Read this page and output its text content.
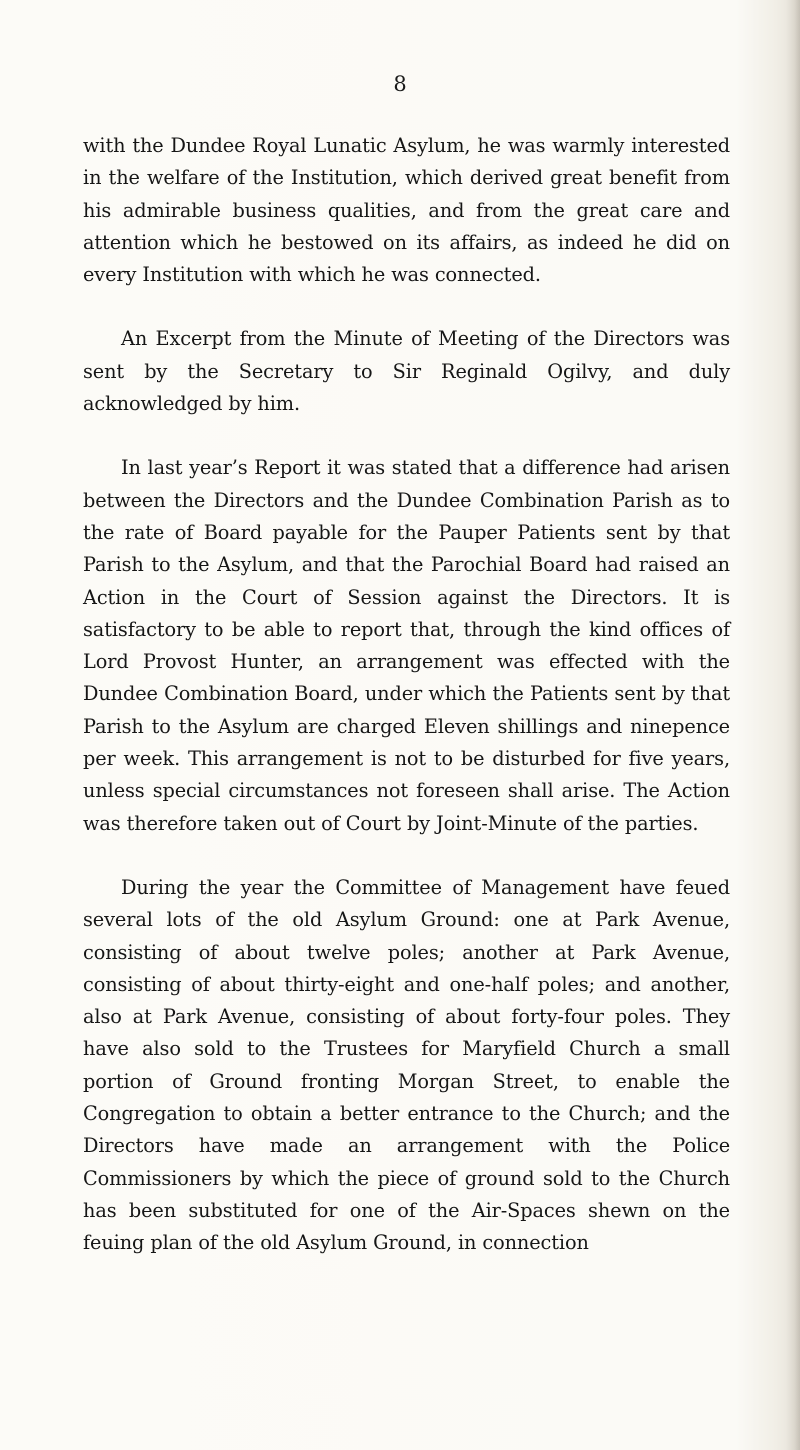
8

with the Dundee Royal Lunatic Asylum, he was warmly interested in the welfare of the Institution, which derived great benefit from his admirable business qualities, and from the great care and attention which he bestowed on its affairs, as indeed he did on every Institution with which he was connected.

An Excerpt from the Minute of Meeting of the Directors was sent by the Secretary to Sir Reginald Ogilvy, and duly acknowledged by him.

In last year’s Report it was stated that a difference had arisen between the Directors and the Dundee Combination Parish as to the rate of Board payable for the Pauper Patients sent by that Parish to the Asylum, and that the Parochial Board had raised an Action in the Court of Session against the Directors. It is satisfactory to be able to report that, through the kind offices of Lord Provost Hunter, an arrangement was effected with the Dundee Combination Board, under which the Patients sent by that Parish to the Asylum are charged Eleven shillings and ninepence per week. This arrangement is not to be disturbed for five years, unless special circumstances not foreseen shall arise. The Action was therefore taken out of Court by Joint-Minute of the parties.

During the year the Committee of Management have feued several lots of the old Asylum Ground: one at Park Avenue, consisting of about twelve poles; another at Park Avenue, consisting of about thirty-eight and one-half poles; and another, also at Park Avenue, consisting of about forty-four poles. They have also sold to the Trustees for Maryfield Church a small portion of Ground fronting Morgan Street, to enable the Congregation to obtain a better entrance to the Church; and the Directors have made an arrangement with the Police Commissioners by which the piece of ground sold to the Church has been substituted for one of the Air-Spaces shewn on the feuing plan of the old Asylum Ground, in connection
